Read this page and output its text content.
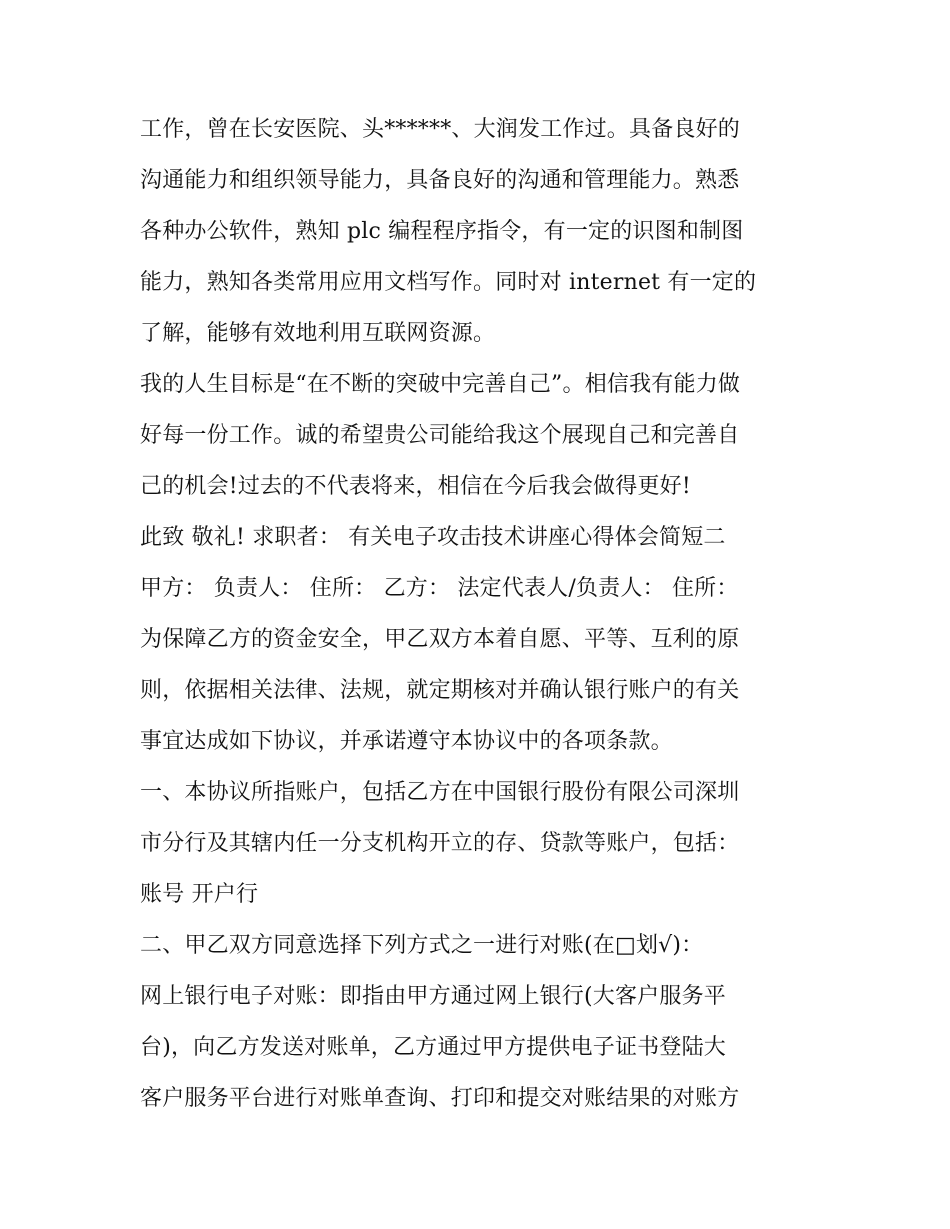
工作，曾在长安医院、头******、大润发工作过。具备良好的
沟通能力和组织领导能力，具备良好的沟通和管理能力。熟悉
各种办公软件，熟知 plc 编程程序指令，有一定的识图和制图
能力，熟知各类常用应用文档写作。同时对 internet 有一定的
了解，能够有效地利用互联网资源。
我的人生目标是“在不断的突破中完善自己”。相信我有能力做
好每一份工作。诚的希望贵公司能给我这个展现自己和完善自
己的机会!过去的不代表将来，相信在今后我会做得更好!
此致 敬礼! 求职者： 有关电子攻击技术讲座心得体会简短二
甲方： 负责人： 住所： 乙方： 法定代表人/负责人： 住所：
为保障乙方的资金安全，甲乙双方本着自愿、平等、互利的原
则，依据相关法律、法规，就定期核对并确认银行账户的有关
事宜达成如下协议，并承诺遵守本协议中的各项条款。
一、本协议所指账户，包括乙方在中国银行股份有限公司深圳
市分行及其辖内任一分支机构开立的存、贷款等账户，包括：
账号 开户行
二、甲乙双方同意选择下列方式之一进行对账(在□划√)：
网上银行电子对账：即指由甲方通过网上银行(大客户服务平
台)，向乙方发送对账单，乙方通过甲方提供电子证书登陆大
客户服务平台进行对账单查询、打印和提交对账结果的对账方
